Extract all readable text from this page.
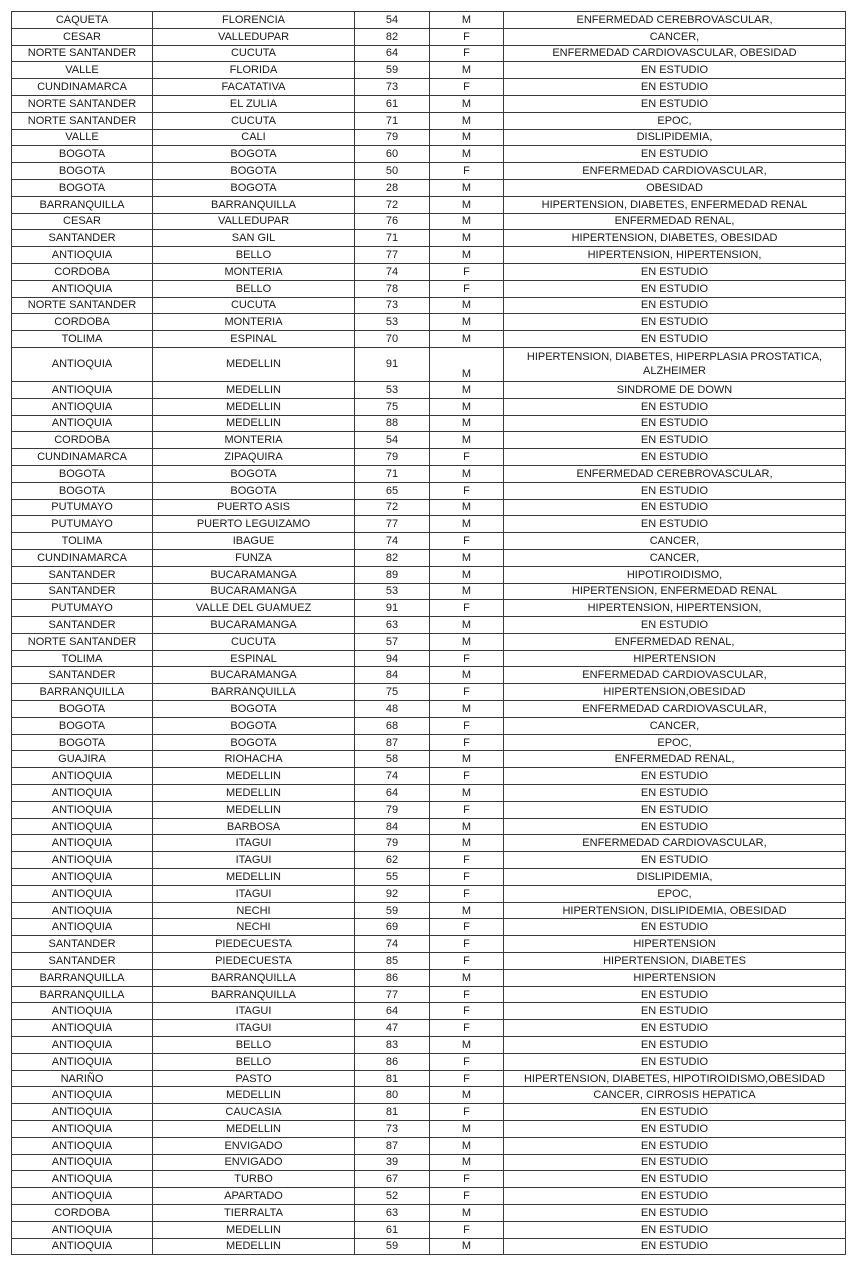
CAQUETA	FLORENCIA	54	M	ENFERMEDAD CEREBROVASCULAR,
CESAR	VALLEDUPAR	82	F	CANCER,
NORTE SANTANDER	CUCUTA	64	F	ENFERMEDAD CARDIOVASCULAR, OBESIDAD
VALLE	FLORIDA	59	M	EN ESTUDIO
CUNDINAMARCA	FACATATIVA	73	F	EN ESTUDIO
NORTE SANTANDER	EL ZULIA	61	M	EN ESTUDIO
NORTE SANTANDER	CUCUTA	71	M	EPOC,
VALLE	CALI	79	M	DISLIPIDEMIA,
BOGOTA	BOGOTA	60	M	EN ESTUDIO
BOGOTA	BOGOTA	50	F	ENFERMEDAD CARDIOVASCULAR,
BOGOTA	BOGOTA	28	M	OBESIDAD
BARRANQUILLA	BARRANQUILLA	72	M	HIPERTENSION, DIABETES, ENFERMEDAD RENAL
CESAR	VALLEDUPAR	76	M	ENFERMEDAD RENAL,
SANTANDER	SAN GIL	71	M	HIPERTENSION, DIABETES, OBESIDAD
ANTIOQUIA	BELLO	77	M	HIPERTENSION, HIPERTENSION,
CORDOBA	MONTERIA	74	F	EN ESTUDIO
ANTIOQUIA	BELLO	78	F	EN ESTUDIO
NORTE SANTANDER	CUCUTA	73	M	EN ESTUDIO
CORDOBA	MONTERIA	53	M	EN ESTUDIO
TOLIMA	ESPINAL	70	M	EN ESTUDIO
ANTIOQUIA	MEDELLIN	91	M	HIPERTENSION, DIABETES, HIPERPLASIA PROSTATICA, ALZHEIMER
ANTIOQUIA	MEDELLIN	53	M	SINDROME DE DOWN
ANTIOQUIA	MEDELLIN	75	M	EN ESTUDIO
ANTIOQUIA	MEDELLIN	88	M	EN ESTUDIO
CORDOBA	MONTERIA	54	M	EN ESTUDIO
CUNDINAMARCA	ZIPAQUIRA	79	F	EN ESTUDIO
BOGOTA	BOGOTA	71	M	ENFERMEDAD CEREBROVASCULAR,
BOGOTA	BOGOTA	65	F	EN ESTUDIO
PUTUMAYO	PUERTO ASIS	72	M	EN ESTUDIO
PUTUMAYO	PUERTO LEGUIZAMO	77	M	EN ESTUDIO
TOLIMA	IBAGUE	74	F	CANCER,
CUNDINAMARCA	FUNZA	82	M	CANCER,
SANTANDER	BUCARAMANGA	89	M	HIPOTIROIDISMO,
SANTANDER	BUCARAMANGA	53	M	HIPERTENSION, ENFERMEDAD RENAL
PUTUMAYO	VALLE DEL GUAMUEZ	91	F	HIPERTENSION, HIPERTENSION,
SANTANDER	BUCARAMANGA	63	M	EN ESTUDIO
NORTE SANTANDER	CUCUTA	57	M	ENFERMEDAD RENAL,
TOLIMA	ESPINAL	94	F	HIPERTENSION
SANTANDER	BUCARAMANGA	84	M	ENFERMEDAD CARDIOVASCULAR,
BARRANQUILLA	BARRANQUILLA	75	F	HIPERTENSION,OBESIDAD
BOGOTA	BOGOTA	48	M	ENFERMEDAD CARDIOVASCULAR,
BOGOTA	BOGOTA	68	F	CANCER,
BOGOTA	BOGOTA	87	F	EPOC,
GUAJIRA	RIOHACHA	58	M	ENFERMEDAD RENAL,
ANTIOQUIA	MEDELLIN	74	F	EN ESTUDIO
ANTIOQUIA	MEDELLIN	64	M	EN ESTUDIO
ANTIOQUIA	MEDELLIN	79	F	EN ESTUDIO
ANTIOQUIA	BARBOSA	84	M	EN ESTUDIO
ANTIOQUIA	ITAGUI	79	M	ENFERMEDAD CARDIOVASCULAR,
ANTIOQUIA	ITAGUI	62	F	EN ESTUDIO
ANTIOQUIA	MEDELLIN	55	F	DISLIPIDEMIA,
ANTIOQUIA	ITAGUI	92	F	EPOC,
ANTIOQUIA	NECHI	59	M	HIPERTENSION, DISLIPIDEMIA, OBESIDAD
ANTIOQUIA	NECHI	69	F	EN ESTUDIO
SANTANDER	PIEDECUESTA	74	F	HIPERTENSION
SANTANDER	PIEDECUESTA	85	F	HIPERTENSION, DIABETES
BARRANQUILLA	BARRANQUILLA	86	M	HIPERTENSION
BARRANQUILLA	BARRANQUILLA	77	F	EN ESTUDIO
ANTIOQUIA	ITAGUI	64	F	EN ESTUDIO
ANTIOQUIA	ITAGUI	47	F	EN ESTUDIO
ANTIOQUIA	BELLO	83	M	EN ESTUDIO
ANTIOQUIA	BELLO	86	F	EN ESTUDIO
NARIÑO	PASTO	81	F	HIPERTENSION, DIABETES, HIPOTIROIDISMO,OBESIDAD
ANTIOQUIA	MEDELLIN	80	M	CANCER, CIRROSIS HEPATICA
ANTIOQUIA	CAUCASIA	81	F	EN ESTUDIO
ANTIOQUIA	MEDELLIN	73	M	EN ESTUDIO
ANTIOQUIA	ENVIGADO	87	M	EN ESTUDIO
ANTIOQUIA	ENVIGADO	39	M	EN ESTUDIO
ANTIOQUIA	TURBO	67	F	EN ESTUDIO
ANTIOQUIA	APARTADO	52	F	EN ESTUDIO
CORDOBA	TIERRALTA	63	M	EN ESTUDIO
ANTIOQUIA	MEDELLIN	61	F	EN ESTUDIO
ANTIOQUIA	MEDELLIN	59	M	EN ESTUDIO
